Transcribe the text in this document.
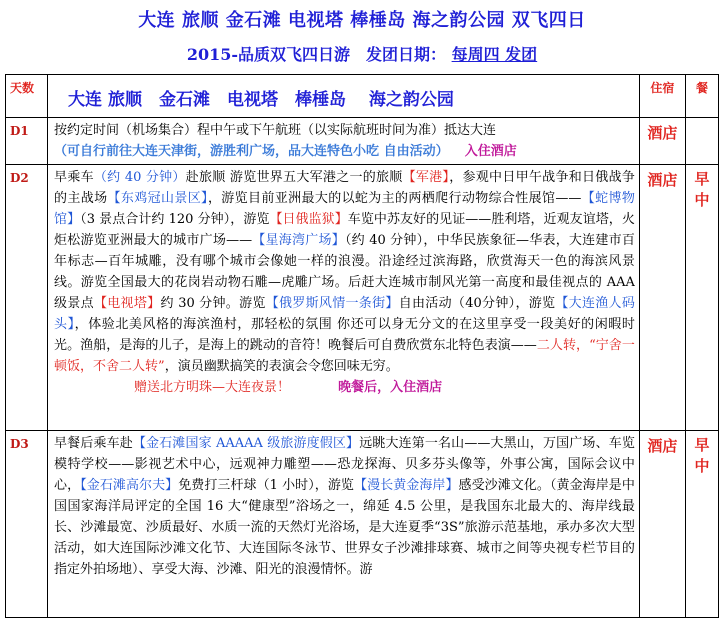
大连 旅顺 金石滩 电视塔 棒棰岛 海之韵公园 双飞四日
2015-品质双飞四日游　发团日期： 每周四 发团
天数	大连 旅顺　金石滩　电视塔　棒棰岛　 海之韵公园	住宿	餐
D1	按约定时间（机场集合）程中午或下午航班（以实际航班时间为准）抵达大连
（可自行前往大连天津街，游胜利广场，品大连特色小吃 自由活动） 入住酒店	酒店	
D2	早乘车（约 40 分钟）赴旅顺 游览世界五大军港之一的旅顺【军港】，参观中日甲午战争和日俄战争的主战场【东鸡冠山景区】，游览目前亚洲最大的以蛇为主的两栖爬行动物综合性展馆——【蛇博物馆】（3 景点合计约 120 分钟），游览【日俄监狱】车览中苏友好的见证——胜利塔，近观友谊塔，火炬松游览亚洲最大的城市广场——【星海湾广场】（约 40 分钟），中华民族象征—华表，大连建市百年标志—百年城雕，没有哪个城市会像她一样的浪漫。沿途经过滨海路，欣赏海天一色的海滨风景线。游览全国最大的花岗岩动物石雕—虎雕广场。后赶大连城市制风光第一高度和最佳视点的 AAA 级景点【电视塔】约 30 分钟。游览【俄罗斯风情一条街】自由活动（40分钟），游览【大连渔人码头】，体验北美风格的海滨渔村，那轻松的氛围 你还可以身无分文的在这里享受一段美好的闲暇时光。渔船，是海的儿子，是海上的跳动的音符！晚餐后可自费欣赏东北特色表演——二人转，“宁舍一顿饭，不舍二人转”，演员幽默搞笑的表演会令您回味无穷。
赠送北方明珠—大连夜景！ 晚餐后，入住酒店	酒店	早
中
D3	早餐后乘车赴【金石滩国家 AAAAA 级旅游度假区】远眺大连第一名山——大黑山，万国广场、车览模特学校——影视艺术中心，远观神力雕塑——恐龙探海、贝多芬头像等，外事公寓，国际会议中心，【金石滩高尔夫】免费打三杆球（1 小时），游览【漫长黄金海岸】感受沙滩文化。（黄金海岸是中国国家海洋局评定的全国 16 大“健康型”浴场之一，绵延 4.5 公里，是我国东北最大的、海岸线最长、沙滩最宽、沙质最好、水质一流的天然灯光浴场，是大连夏季“3S”旅游示范基地，承办多次大型活动，如大连国际沙滩文化节、大连国际冬泳节、世界女子沙滩排球赛、城市之间等央视专栏节目的指定外拍场地）、享受大海、沙滩、阳光的浪漫情怀。游	酒店	早
中
